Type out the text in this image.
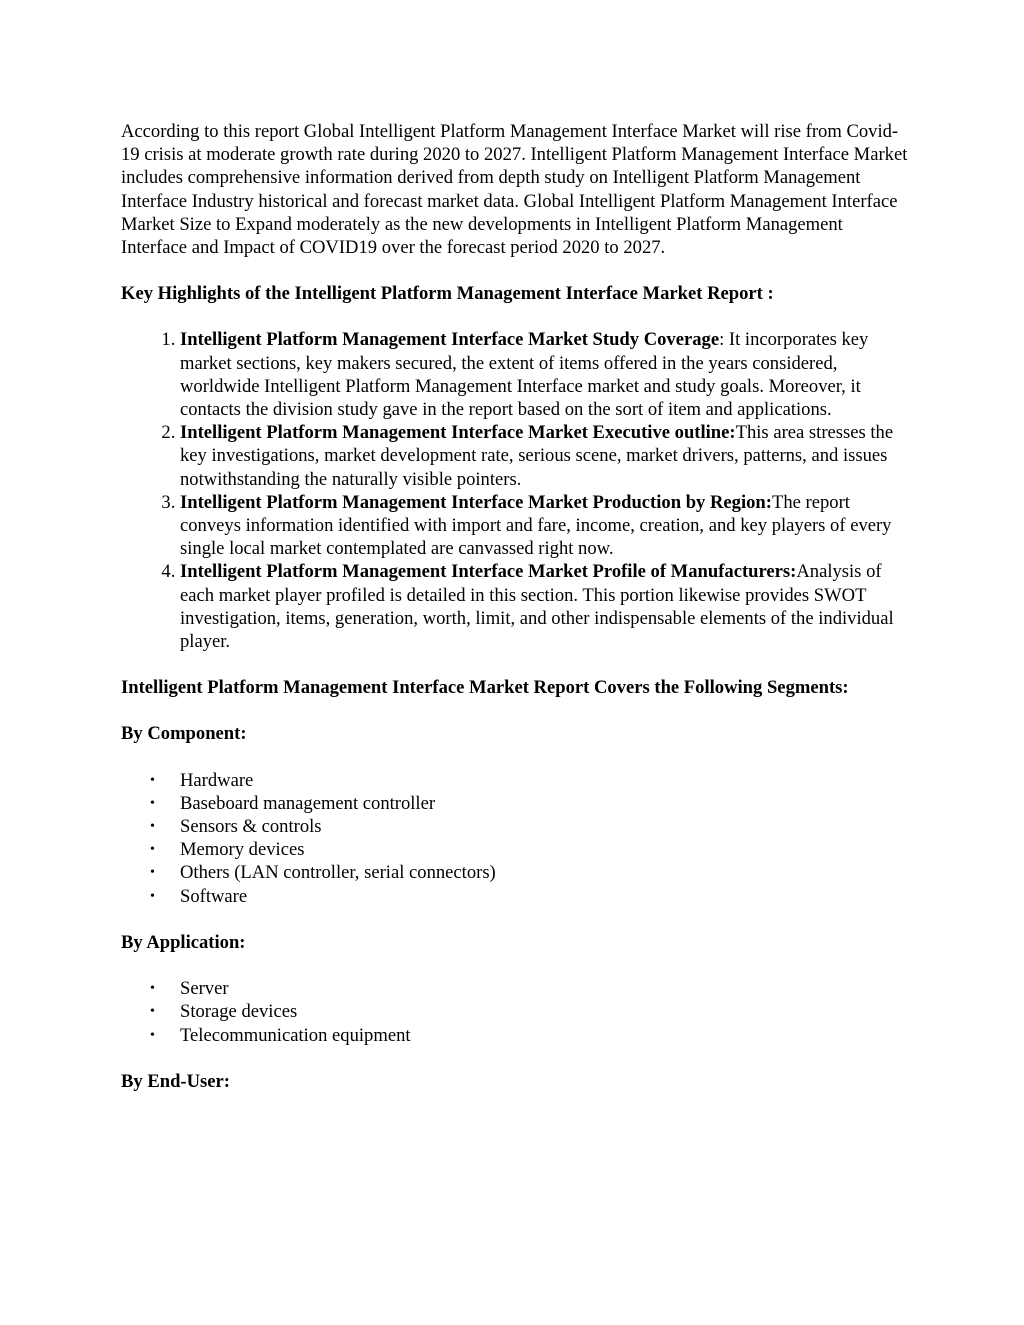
According to this report Global Intelligent Platform Management Interface Market will rise from Covid-19 crisis at moderate growth rate during 2020 to 2027. Intelligent Platform Management Interface Market includes comprehensive information derived from depth study on Intelligent Platform Management Interface Industry historical and forecast market data. Global Intelligent Platform Management Interface Market Size to Expand moderately as the new developments in Intelligent Platform Management Interface and Impact of COVID19 over the forecast period 2020 to 2027.

Key Highlights of the Intelligent Platform Management Interface Market Report :

1. Intelligent Platform Management Interface Market Study Coverage: It incorporates key market sections, key makers secured, the extent of items offered in the years considered, worldwide Intelligent Platform Management Interface market and study goals. Moreover, it contacts the division study gave in the report based on the sort of item and applications.
2. Intelligent Platform Management Interface Market Executive outline:This area stresses the key investigations, market development rate, serious scene, market drivers, patterns, and issues notwithstanding the naturally visible pointers.
3. Intelligent Platform Management Interface Market Production by Region:The report conveys information identified with import and fare, income, creation, and key players of every single local market contemplated are canvassed right now.
4. Intelligent Platform Management Interface Market Profile of Manufacturers:Analysis of each market player profiled is detailed in this section. This portion likewise provides SWOT investigation, items, generation, worth, limit, and other indispensable elements of the individual player.

Intelligent Platform Management Interface Market Report Covers the Following Segments:

By Component:

• Hardware
• Baseboard management controller
• Sensors & controls
• Memory devices
• Others (LAN controller, serial connectors)
• Software

By Application:

• Server
• Storage devices
• Telecommunication equipment

By End-User:
